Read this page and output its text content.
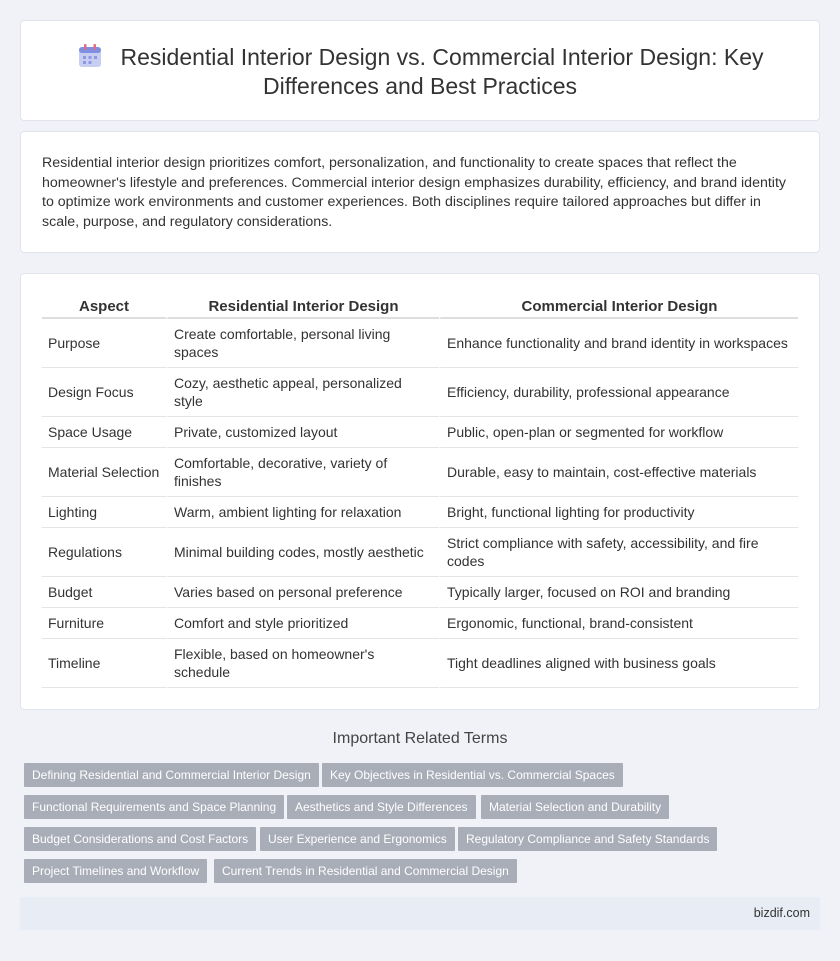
Residential Interior Design vs. Commercial Interior Design: Key Differences and Best Practices

Residential interior design prioritizes comfort, personalization, and functionality to create spaces that reflect the homeowner's lifestyle and preferences. Commercial interior design emphasizes durability, efficiency, and brand identity to optimize work environments and customer experiences. Both disciplines require tailored approaches but differ in scale, purpose, and regulatory considerations.

Aspect	Residential Interior Design	Commercial Interior Design
Purpose	Create comfortable, personal living spaces	Enhance functionality and brand identity in workspaces
Design Focus	Cozy, aesthetic appeal, personalized style	Efficiency, durability, professional appearance
Space Usage	Private, customized layout	Public, open-plan or segmented for workflow
Material Selection	Comfortable, decorative, variety of finishes	Durable, easy to maintain, cost-effective materials
Lighting	Warm, ambient lighting for relaxation	Bright, functional lighting for productivity
Regulations	Minimal building codes, mostly aesthetic	Strict compliance with safety, accessibility, and fire codes
Budget	Varies based on personal preference	Typically larger, focused on ROI and branding
Furniture	Comfort and style prioritized	Ergonomic, functional, brand-consistent
Timeline	Flexible, based on homeowner's schedule	Tight deadlines aligned with business goals
Important Related Terms
Defining Residential and Commercial Interior Design	Key Objectives in Residential vs. Commercial Spaces
Functional Requirements and Space Planning	Aesthetics and Style Differences	Material Selection and Durability
Budget Considerations and Cost Factors	User Experience and Ergonomics	Regulatory Compliance and Safety Standards
Project Timelines and Workflow	Current Trends in Residential and Commercial Design
bizdif.com
